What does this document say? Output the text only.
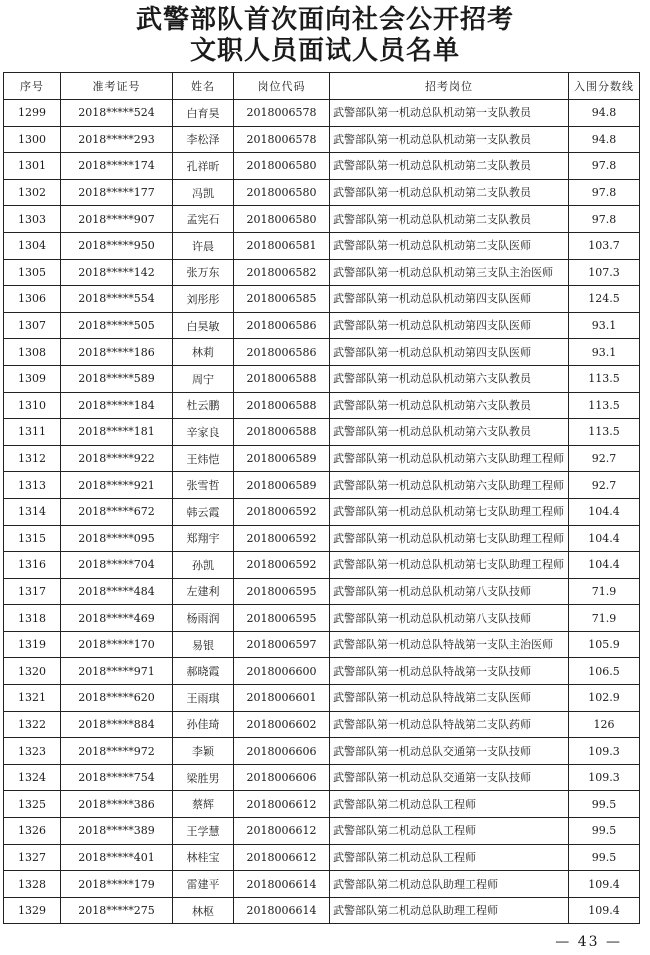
武警部队首次面向社会公开招考
文职人员面试人员名单
序号	准考证号	姓名	岗位代码	招考岗位	入围分数线
1299	2018*****524	白育昊	2018006578	武警部队第一机动总队机动第一支队教员	94.8
1300	2018*****293	李松泽	2018006578	武警部队第一机动总队机动第一支队教员	94.8
1301	2018*****174	孔祥昕	2018006580	武警部队第一机动总队机动第二支队教员	97.8
1302	2018*****177	冯凯	2018006580	武警部队第一机动总队机动第二支队教员	97.8
1303	2018*****907	孟宪石	2018006580	武警部队第一机动总队机动第二支队教员	97.8
1304	2018*****950	许晨	2018006581	武警部队第一机动总队机动第二支队医师	103.7
1305	2018*****142	张万东	2018006582	武警部队第一机动总队机动第三支队主治医师	107.3
1306	2018*****554	刘彤彤	2018006585	武警部队第一机动总队机动第四支队医师	124.5
1307	2018*****505	白昊敏	2018006586	武警部队第一机动总队机动第四支队医师	93.1
1308	2018*****186	林莉	2018006586	武警部队第一机动总队机动第四支队医师	93.1
1309	2018*****589	周宁	2018006588	武警部队第一机动总队机动第六支队教员	113.5
1310	2018*****184	杜云鹏	2018006588	武警部队第一机动总队机动第六支队教员	113.5
1311	2018*****181	辛家良	2018006588	武警部队第一机动总队机动第六支队教员	113.5
1312	2018*****922	王炜恺	2018006589	武警部队第一机动总队机动第六支队助理工程师	92.7
1313	2018*****921	张雪哲	2018006589	武警部队第一机动总队机动第六支队助理工程师	92.7
1314	2018*****672	韩云霞	2018006592	武警部队第一机动总队机动第七支队助理工程师	104.4
1315	2018*****095	郑翔宇	2018006592	武警部队第一机动总队机动第七支队助理工程师	104.4
1316	2018*****704	孙凯	2018006592	武警部队第一机动总队机动第七支队助理工程师	104.4
1317	2018*****484	左建利	2018006595	武警部队第一机动总队机动第八支队技师	71.9
1318	2018*****469	杨雨润	2018006595	武警部队第一机动总队机动第八支队技师	71.9
1319	2018*****170	易银	2018006597	武警部队第一机动总队特战第一支队主治医师	105.9
1320	2018*****971	郝晓霞	2018006600	武警部队第一机动总队特战第一支队技师	106.5
1321	2018*****620	王雨琪	2018006601	武警部队第一机动总队特战第二支队医师	102.9
1322	2018*****884	孙佳琦	2018006602	武警部队第一机动总队特战第二支队药师	126
1323	2018*****972	李颖	2018006606	武警部队第一机动总队交通第一支队技师	109.3
1324	2018*****754	梁胜男	2018006606	武警部队第一机动总队交通第一支队技师	109.3
1325	2018*****386	蔡辉	2018006612	武警部队第二机动总队工程师	99.5
1326	2018*****389	王学慧	2018006612	武警部队第二机动总队工程师	99.5
1327	2018*****401	林桂宝	2018006612	武警部队第二机动总队工程师	99.5
1328	2018*****179	雷建平	2018006614	武警部队第二机动总队助理工程师	109.4
1329	2018*****275	林枢	2018006614	武警部队第二机动总队助理工程师	109.4
— 43 —
